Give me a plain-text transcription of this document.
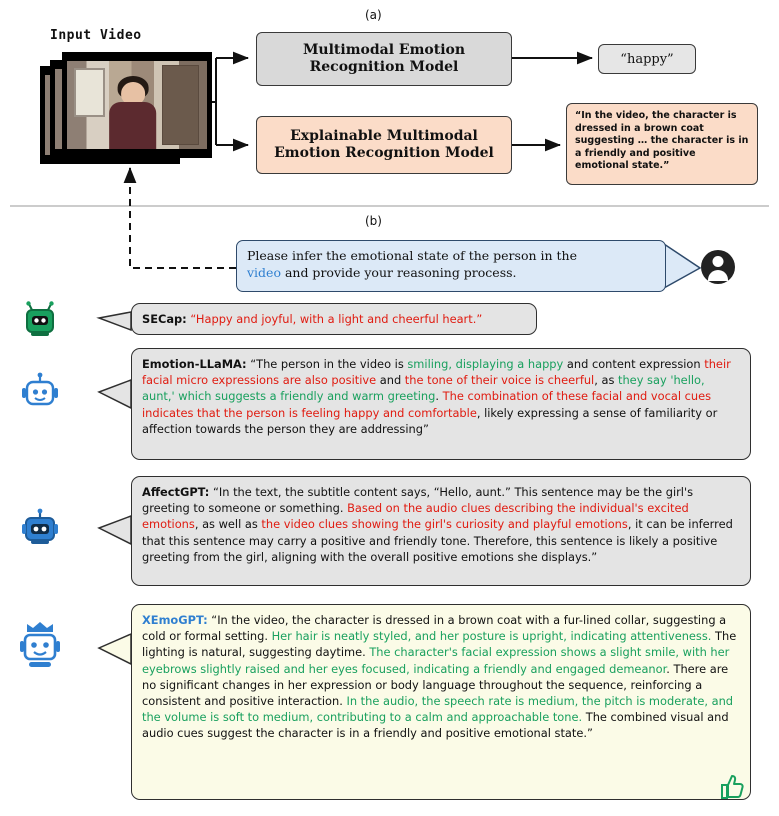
(a)
Input Video
Multimodal Emotion
Recognition Model
Explainable Multimodal
Emotion Recognition Model
“happy”

“In the video, the character is dressed in a brown coat suggesting … the character is in a friendly and positive emotional state.”

(b)

Please infer the emotional state of the person in the
video and provide your reasoning process.

SECap: “Happy and joyful, with a light and cheerful heart.”

Emotion-LLaMA: “The person in the video is smiling, displaying a happy and content expression their facial micro expressions are also positive and the tone of their voice is cheerful, as they say 'hello, aunt,' which suggests a friendly and warm greeting. The combination of these facial and vocal cues indicates that the person is feeling happy and comfortable, likely expressing a sense of familiarity or affection towards the person they are addressing”

AffectGPT: “In the text, the subtitle content says, “Hello, aunt.” This sentence may be the girl's greeting to someone or something. Based on the audio clues describing the individual's excited emotions, as well as the video clues showing the girl's curiosity and playful emotions, it can be inferred that this sentence may carry a positive and friendly tone. Therefore, this sentence is likely a positive greeting from the girl, aligning with the overall positive emotions she displays.”

XEmoGPT: “In the video, the character is dressed in a brown coat with a fur-lined collar, suggesting a cold or formal setting. Her hair is neatly styled, and her posture is upright, indicating attentiveness. The lighting is natural, suggesting daytime. The character's facial expression shows a slight smile, with her eyebrows slightly raised and her eyes focused, indicating a friendly and engaged demeanor. There are no significant changes in her expression or body language throughout the sequence, reinforcing a consistent and positive interaction. In the audio, the speech rate is medium, the pitch is moderate, and the volume is soft to medium, contributing to a calm and approachable tone. The combined visual and audio cues suggest the character is in a friendly and positive emotional state.”
